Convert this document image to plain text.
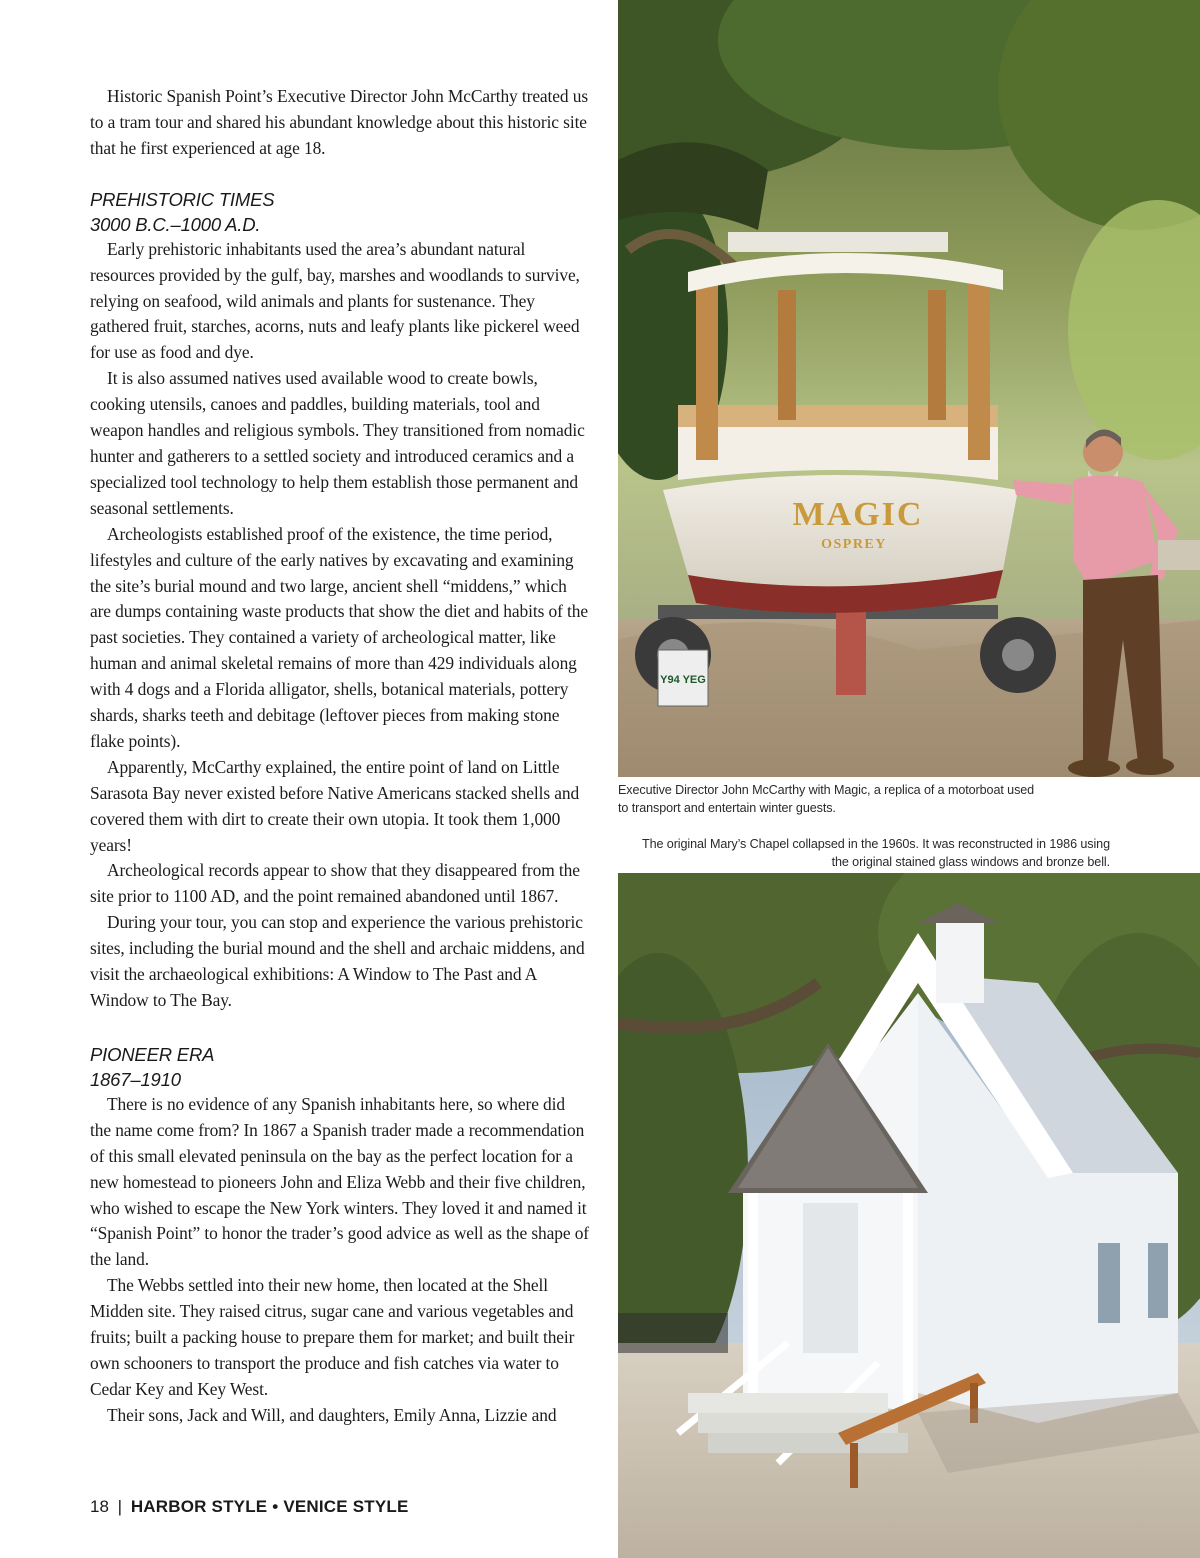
Historic Spanish Point’s Executive Director John McCarthy treated us to a tram tour and shared his abundant knowledge about this historic site that he first experienced at age 18.

PREHISTORIC TIMES
3000 B.C.–1000 A.D.

Early prehistoric inhabitants used the area’s abundant natural resources provided by the gulf, bay, marshes and woodlands to survive, relying on seafood, wild animals and plants for sustenance. They gathered fruit, starches, acorns, nuts and leafy plants like pickerel weed for use as food and dye.

It is also assumed natives used available wood to create bowls, cooking utensils, canoes and paddles, building materials, tool and weapon handles and religious symbols. They transitioned from nomadic hunter and gatherers to a settled society and introduced ceramics and a specialized tool technology to help them establish those permanent and seasonal settlements.

Archeologists established proof of the existence, the time period, lifestyles and culture of the early natives by excavating and examining the site’s burial mound and two large, ancient shell “middens,” which are dumps containing waste products that show the diet and habits of the past societies. They contained a variety of archeological matter, like human and animal skeletal remains of more than 429 individuals along with 4 dogs and a Florida alligator, shells, botanical materials, pottery shards, sharks teeth and debitage (leftover pieces from making stone flake points).

Apparently, McCarthy explained, the entire point of land on Little Sarasota Bay never existed before Native Americans stacked shells and covered them with dirt to create their own utopia. It took them 1,000 years!

Archeological records appear to show that they disappeared from the site prior to 1100 AD, and the point remained abandoned until 1867.

During your tour, you can stop and experience the various prehistoric sites, including the burial mound and the shell and archaic middens, and visit the archaeological exhibitions: A Window to The Past and A Window to The Bay.

PIONEER ERA
1867–1910

There is no evidence of any Spanish inhabitants here, so where did the name come from? In 1867 a Spanish trader made a recommendation of this small elevated peninsula on the bay as the perfect location for a new homestead to pioneers John and Eliza Webb and their five children, who wished to escape the New York winters. They loved it and named it “Spanish Point” to honor the trader’s good advice as well as the shape of the land.

The Webbs settled into their new home, then located at the Shell Midden site. They raised citrus, sugar cane and various vegetables and fruits; built a packing house to prepare them for market; and built their own schooners to transport the produce and fish catches via water to Cedar Key and Key West.

Their sons, Jack and Will, and daughters, Emily Anna, Lizzie and

18 | HARBOR STYLE • VENICE STYLE
Y94 YEG
MAGIC
OSPREY
Executive Director John McCarthy with Magic, a replica of a motorboat used to transport and entertain winter guests.
The original Mary’s Chapel collapsed in the 1960s. It was reconstructed in 1986 using the original stained glass windows and bronze bell.
